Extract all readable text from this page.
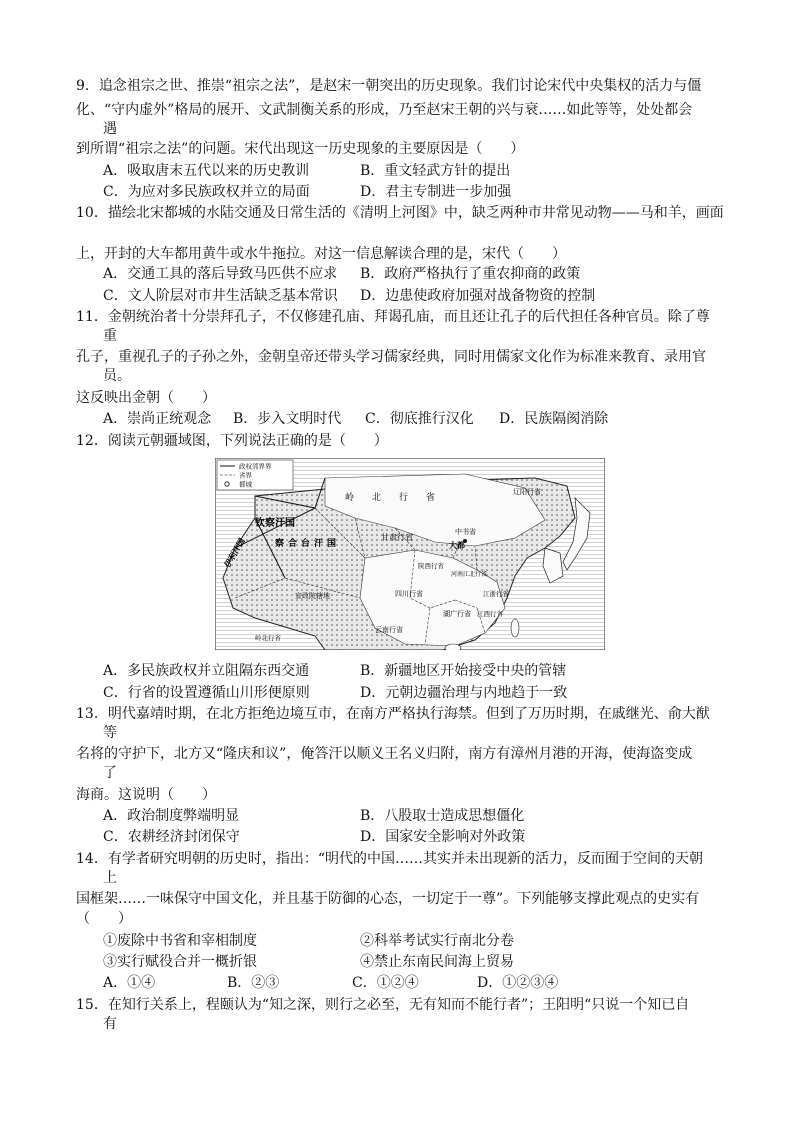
9．追念祖宗之世、推崇“祖宗之法”，是赵宋一朝突出的历史现象。我们讨论宋代中央集权的活力与僵
化、“守内虚外”格局的展开、文武制衡关系的形成，乃至赵宋王朝的兴与衰……如此等等，处处都会
遇
到所谓“祖宗之法”的问题。宋代出现这一历史现象的主要原因是（　　）
A．吸取唐末五代以来的历史教训	B．重文轻武方针的提出
C．为应对多民族政权并立的局面	D．君主专制进一步加强
10．描绘北宋都城的水陆交通及日常生活的《清明上河图》中，缺乏两种市井常见动物——马和羊，画面
上，开封的大车都用黄牛或水牛拖拉。对这一信息解读合理的是，宋代（　　）
A．交通工具的落后导致马匹供不应求 B．政府严格执行了重农抑商的政策
C．文人阶层对市井生活缺乏基本常识 D．边患使政府加强对战备物资的控制
11．金朝统治者十分崇拜孔子，不仅修建孔庙、拜谒孔庙，而且还让孔子的后代担任各种官员。除了尊
重
孔子，重视孔子的子孙之外，金朝皇帝还带头学习儒家经典，同时用儒家文化作为标准来教育、录用官
员。
这反映出金朝（　　）
A．崇尚正统观念 B．步入文明时代 C．彻底推行汉化 D．民族隔阂消除
12．阅读元朝疆域图，下列说法正确的是（　　）
政权邻界界
省界
都城
钦察汗国
察合台汗国
伊利汗国
岭北行省
辽阳行省
中书省
大都
甘肃行省
陕西行省
河南江北行省
江浙行省
四川行省
湖广行省 江西行省
云南行省
宣政院辖地
岭北行省
A．多民族政权并立阻隔东西交通	B．新疆地区开始接受中央的管辖
C．行省的设置遵循山川形便原则	D．元朝边疆治理与内地趋于一致
13．明代嘉靖时期，在北方拒绝边境互市，在南方严格执行海禁。但到了万历时期，在戚继光、俞大猷
等
名将的守护下，北方又“隆庆和议”，俺答汗以顺义王名义归附，南方有漳州月港的开海，使海盗变成
了
海商。这说明（　　）
A．政治制度弊端明显	B．八股取士造成思想僵化
C．农耕经济封闭保守	D．国家安全影响对外政策
14．有学者研究明朝的历史时，指出：“明代的中国……其实并未出现新的活力，反而囿于空间的天朝
上
国框架……一味保守中国文化，并且基于防御的心态，一切定于一尊”。下列能够支撑此观点的史实有
（　　）
①废除中书省和宰相制度	②科举考试实行南北分卷
③实行赋役合并一概折银	④禁止东南民间海上贸易
A．①④	B．②③	C．①②④	D．①②③④
15．在知行关系上，程颐认为“知之深，则行之必至，无有知而不能行者”；王阳明“只说一个知已自
有
